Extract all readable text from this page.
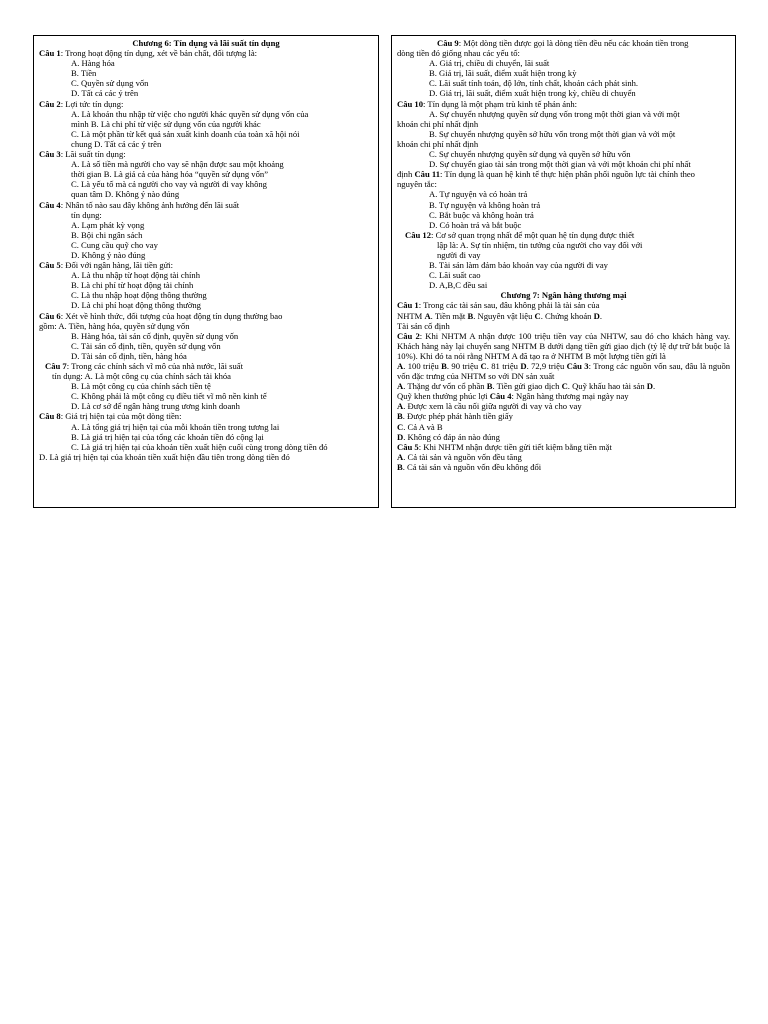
Chương 6: Tín dụng và lãi suất tín dụng
Câu 1: Trong hoạt động tín dụng, xét về bản chất, đối tượng là:
A. Hàng hóa
B. Tiền
C. Quyền sử dụng vốn
D. Tất cả các ý trên
Câu 2: Lợi tức tín dụng:
A. Là khoản thu nhập từ việc cho người khác quyền sử dụng vốn của
mình B. Là chi phí từ việc sử dụng vốn của người khác
C. Là một phần từ kết quả sản xuất kinh doanh của toàn xã hội nói
chung D. Tất cả các ý trên
Câu 3: Lãi suất tín dụng:
A. Là số tiền mà người cho vay sẽ nhận được sau một khoảng
thời gian B. Là giá cả của hàng hóa “quyền sử dụng vốn”
C. Là yếu tố mà cả người cho vay và người đi vay không
quan tâm D. Không ý nào đúng
Câu 4: Nhân tố nào sau đây không ảnh hưởng đến lãi suất
tín dụng:
A. Lạm phát kỳ vọng
B. Bội chi ngân sách
C. Cung cầu quỹ cho vay
D. Không ý nào đúng
Câu 5: Đối với ngân hàng, lãi tiền gửi:
A. Là thu nhập từ hoạt động tài chính
B. Là chi phí từ hoạt động tài chính
C. Là thu nhập hoạt động thông thường
D. Là chi phí hoạt động thông thường
Câu 6: Xét về hình thức, đối tượng của hoạt động tín dụng thường bao
gồm: A. Tiền, hàng hóa, quyền sử dụng vốn
B. Hàng hóa, tài sản cố định, quyền sử dụng vốn
C. Tài sản cố định, tiền, quyền sử dụng vốn
D. Tài sản cố định, tiền, hàng hóa
Câu 7: Trong các chính sách vĩ mô của nhà nước, lãi suất
tín dụng: A. Là một công cụ của chính sách tài khóa
B. Là một công cụ của chính sách tiền tệ
C. Không phải là một công cụ điều tiết vĩ mô nền kinh tế
D. Là cơ sở để ngân hàng trung ương kinh doanh
Câu 8: Giá trị hiện tại của một dòng tiền:
A. Là tổng giá trị hiện tại của mỗi khoản tiền trong tương lai
B. Là giá trị hiện tại của tổng các khoản tiền đó cộng lại
C. Là giá trị hiện tại của khoản tiền xuất hiện cuối cùng trong dòng tiền đó
D. Là giá trị hiện tại của khoản tiền xuất hiện đầu tiên trong dòng tiền đó
Câu 9: Một dòng tiền được gọi là dòng tiền đều nếu các khoản tiền trong
dòng tiền đó giống nhau các yếu tố:
A. Giá trị, chiều di chuyển, lãi suất
B. Giá trị, lãi suất, điểm xuất hiện trong kỳ
C. Lãi suất tính toán, độ lớn, tính chất, khoản cách phát sinh.
D. Giá trị, lãi suất, điểm xuất hiện trong kỳ, chiều di chuyển
Câu 10: Tín dụng là một phạm trù kinh tế phản ánh:
A. Sự chuyển nhượng quyền sử dụng vốn trong một thời gian và với một
khoản chi phí nhất định
B. Sự chuyển nhượng quyền sở hữu vốn trong một thời gian và với một
khoản chi phí nhất định
C. Sự chuyển nhượng quyền sử dụng và quyền sở hữu vốn
D. Sự chuyển giao tài sản trong một thời gian và với một khoản chi phí nhất
định Câu 11: Tín dụng là quan hệ kinh tế thực hiện phân phối nguồn lực tài chính theo
nguyên tắc:
A. Tự nguyện và có hoàn trả
B. Tự nguyện và không hoàn trả
C. Bắt buộc và không hoàn trả
D. Có hoàn trả và bắt buộc
Câu 12: Cơ sở quan trọng nhất để một quan hệ tín dụng được thiết
lập là: A. Sự tín nhiệm, tin tưởng của người cho vay đối với
người đi vay
B. Tài sản làm đảm bảo khoản vay của người đi vay
C. Lãi suất cao
D. A,B,C đều sai
Chương 7: Ngân hàng thương mại
Câu 1: Trong các tài sản sau, đâu không phải là tài sản của
NHTM A. Tiền mặt B. Nguyên vật liệu C. Chứng khoán D.
Tài sản cố định
Câu 2: Khi NHTM A nhận được 100 triệu tiền vay của NHTW, sau đó cho khách hàng vay. Khách hàng này lại chuyển sang NHTM B dưới dạng tiền gửi giao dịch (tỷ lệ dự trữ bắt buộc là 10%). Khi đó ta nói rằng NHTM A đã tạo ra ở NHTM B một lượng tiền gửi là
A. 100 triệu B. 90 triệu C. 81 triệu D. 72,9 triệu Câu 3: Trong các nguồn vốn sau, đâu là nguồn vốn đặc trưng của NHTM so với DN sản xuất
A. Thặng dư vốn cổ phần B. Tiền gửi giao dịch C. Quỹ khấu hao tài sản D.
Quỹ khen thưởng phúc lợi Câu 4: Ngân hàng thương mại ngày nay
A. Được xem là cầu nối giữa người đi vay và cho vay
B. Được phép phát hành tiền giấy
C. Cả A và B
D. Không có đáp án nào đúng
Câu 5: Khi NHTM nhận được tiền gửi tiết kiệm bằng tiền mặt
A. Cả tài sản và nguồn vốn đều tăng
B. Cả tài sản và nguồn vốn đều không đổi
